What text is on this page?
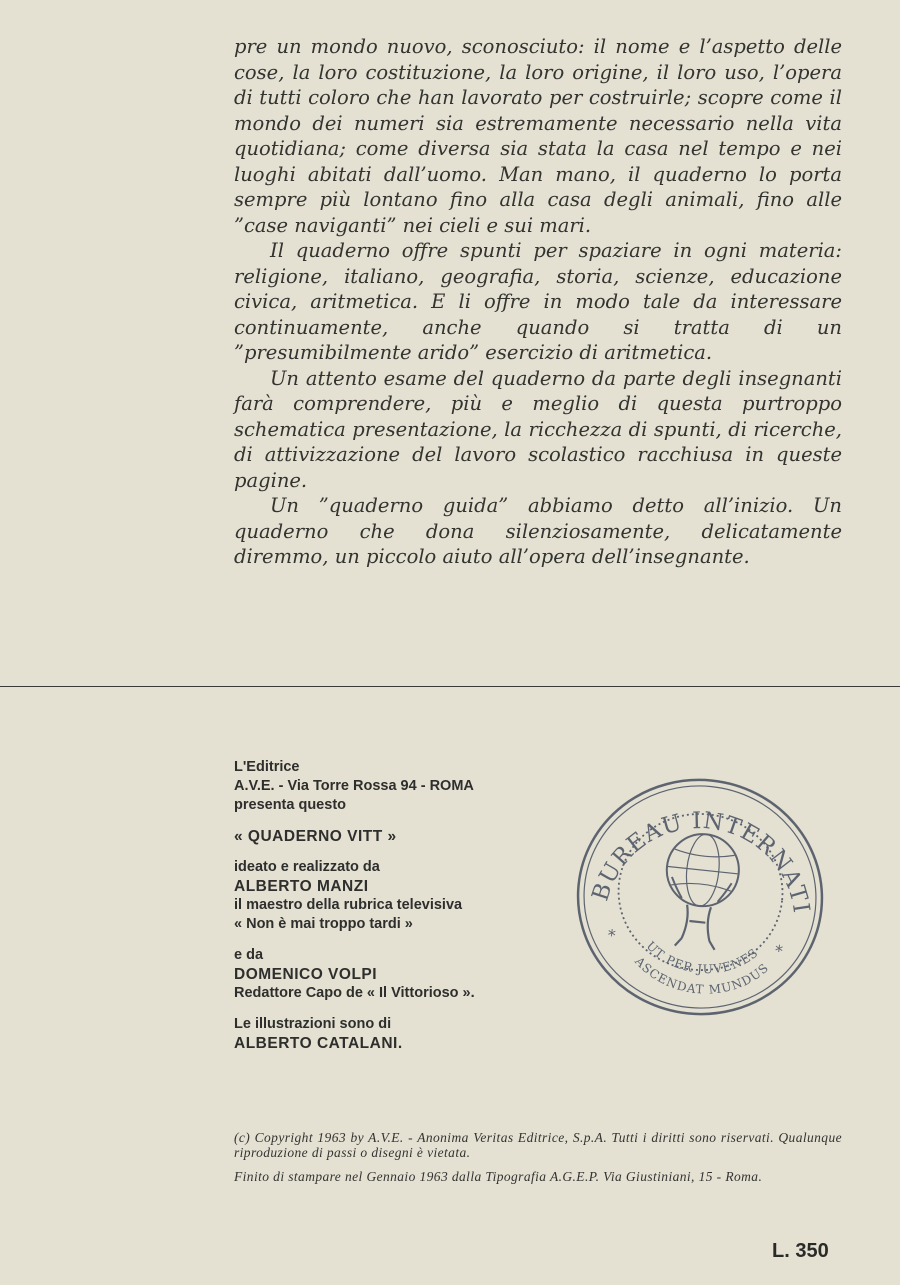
pre un mondo nuovo, sconosciuto: il nome e l’aspetto delle cose, la loro costituzione, la loro origine, il loro uso, l’opera di tutti coloro che han lavorato per costruirle; scopre come il mondo dei numeri sia estremamente necessario nella vita quotidiana; come diversa sia stata la casa nel tempo e nei luoghi abitati dall’uomo. Man mano, il quaderno lo porta sempre più lontano fino alla casa degli animali, fino alle ”case naviganti” nei cieli e sui mari.

Il quaderno offre spunti per spaziare in ogni materia: religione, italiano, geografia, storia, scienze, educazione civica, aritmetica. E li offre in modo tale da interessare continuamente, anche quando si tratta di un ”presumibilmente arido” esercizio di aritmetica.

Un attento esame del quaderno da parte degli insegnanti farà comprendere, più e meglio di questa purtroppo schematica presentazione, la ricchezza di spunti, di ricerche, di attivizzazione del lavoro scolastico racchiusa in queste pagine.

Un ”quaderno guida” abbiamo detto all’inizio. Un quaderno che dona silenziosamente, delicatamente diremmo, un piccolo aiuto all’opera dell’insegnante.

L'Editrice
A.V.E. - Via Torre Rossa 94 - ROMA
presenta questo
« QUADERNO VITT »
ideato e realizzato da
ALBERTO MANZI
il maestro della rubrica televisiva
« Non è mai troppo tardi »
e da
DOMENICO VOLPI
Redattore Capo de « Il Vittorioso ».
Le illustrazioni sono di
ALBERTO CATALANI.
BUREAU INTERNATIONAL
UT PER JUVENES
ASCENDAT MUNDUS
*
*

(c) Copyright 1963 by A.V.E. - Anonima Veritas Editrice, S.p.A. Tutti i diritti sono riservati. Qualunque riproduzione di passi o disegni è vietata.

Finito di stampare nel Gennaio 1963 dalla Tipografia A.G.E.P. Via Giustiniani, 15 - Roma.

L. 350
